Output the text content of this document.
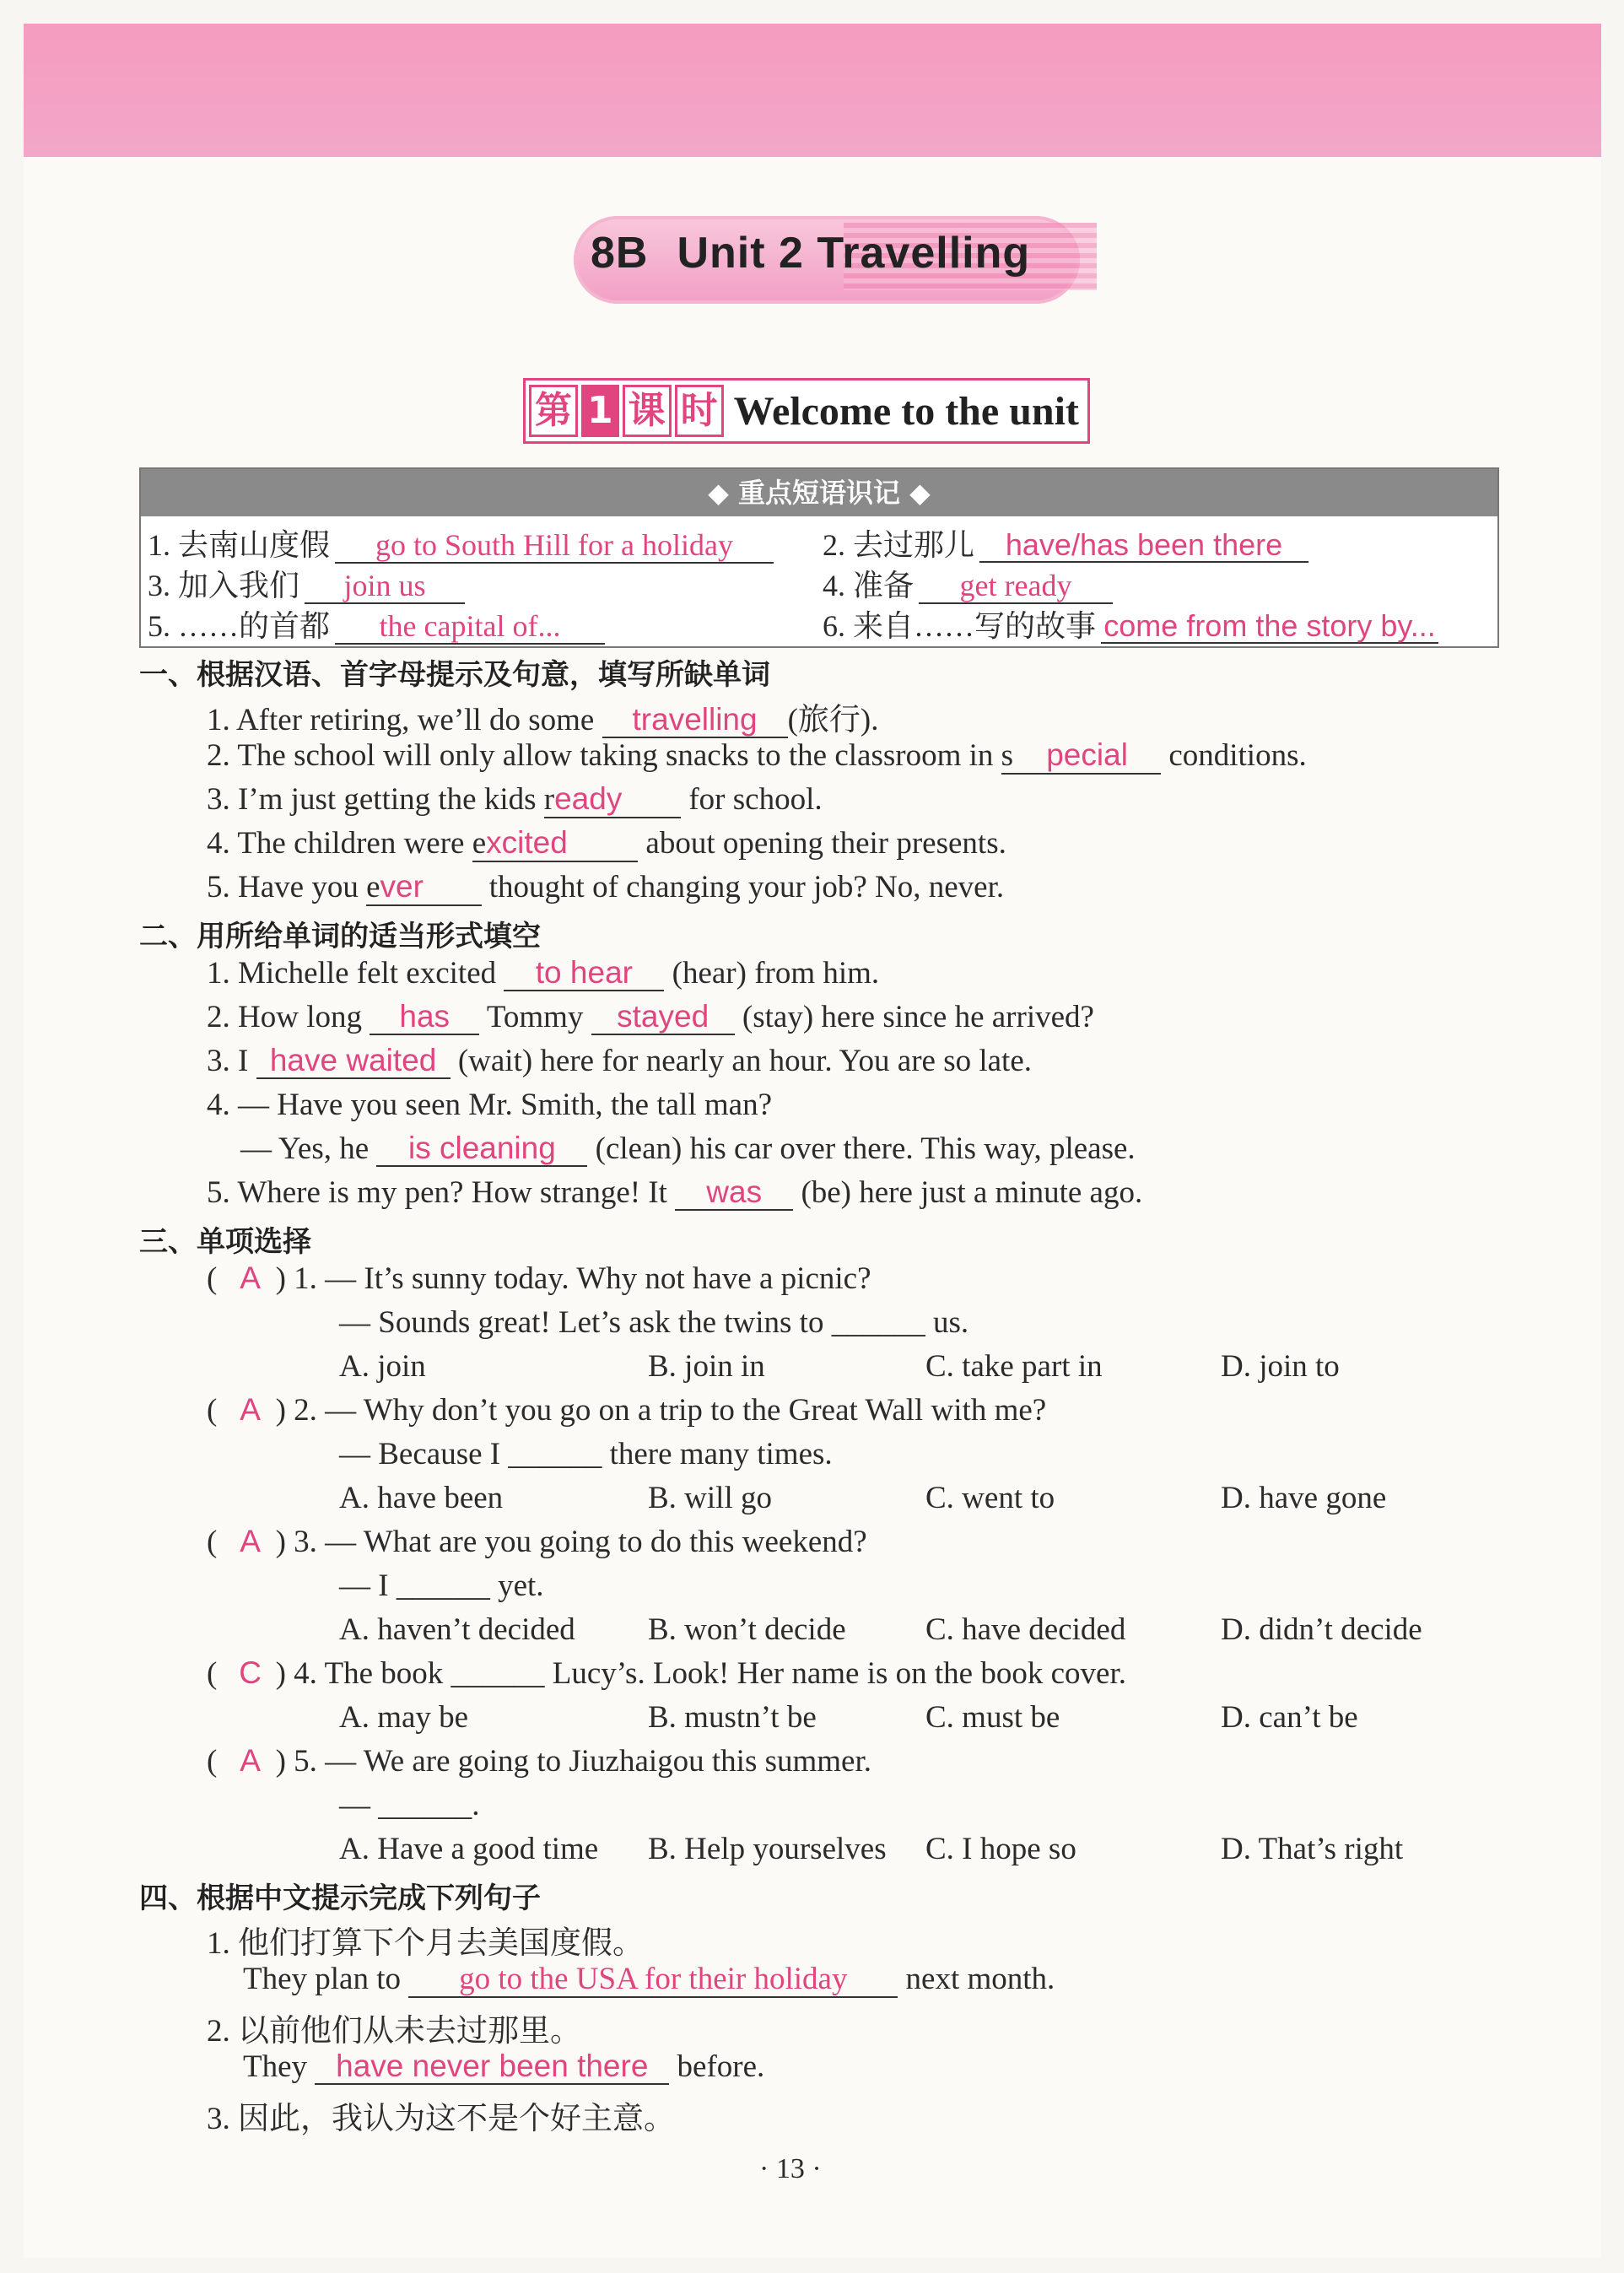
8B Unit 2 Travelling
第 1 课 时 Welcome to the unit
◆ 重点短语识记 ◆
1. 去南山度假 go to South Hill for a holiday	2. 去过那儿 have/has been there
3. 加入我们 join us	4. 准备 get ready
5. ……的首都 the capital of...	6. 来自……写的故事 come from the story by...
一、根据汉语、首字母提示及句意，填写所缺单词
1. After retiring, we’ll do some travelling (旅行).
2. The school will only allow taking snacks to the classroom in s pecial conditions.
3. I’m just getting the kids ready for school.
4. The children were excited	about opening their presents.
5. Have you ever thought of changing your job? No, never.
二、用所给单词的适当形式填空
1. Michelle felt excited to hear (hear) from him.
2. How long has Tommy stayed (stay) here since he arrived?
3. I have waited (wait) here for nearly an hour. You are so late.
4. — Have you seen Mr. Smith, the tall man?
— Yes, he is cleaning (clean) his car over there. This way, please.
5. Where is my pen? How strange! It was (be) here just a minute ago.
三、单项选择
( A ) 1. — It’s sunny today. Why not have a picnic?
— Sounds great! Let’s ask the twins to ______ us.
A. join	B. join in	C. take part in	D. join to
( A ) 2. — Why don’t you go on a trip to the Great Wall with me?
— Because I ______ there many times.
A. have been	B. will go	C. went to	D. have gone
( A ) 3. — What are you going to do this weekend?
— I ______ yet.
A. haven’t decided B. won’t decide	C. have decided	D. didn’t decide
( C ) 4. The book ______ Lucy’s. Look! Her name is on the book cover.
A. may be	B. mustn’t be	C. must be	D. can’t be
( A ) 5. — We are going to Jiuzhaigou this summer.
— ______.
A. Have a good time B. Help yourselves C. I hope so	D. That’s right
四、根据中文提示完成下列句子
1. 他们打算下个月去美国度假。
They plan to go to the USA for their holiday next month.
2. 以前他们从未去过那里。
They have never been there before.
3. 因此，我认为这不是个好主意。
· 13 ·
